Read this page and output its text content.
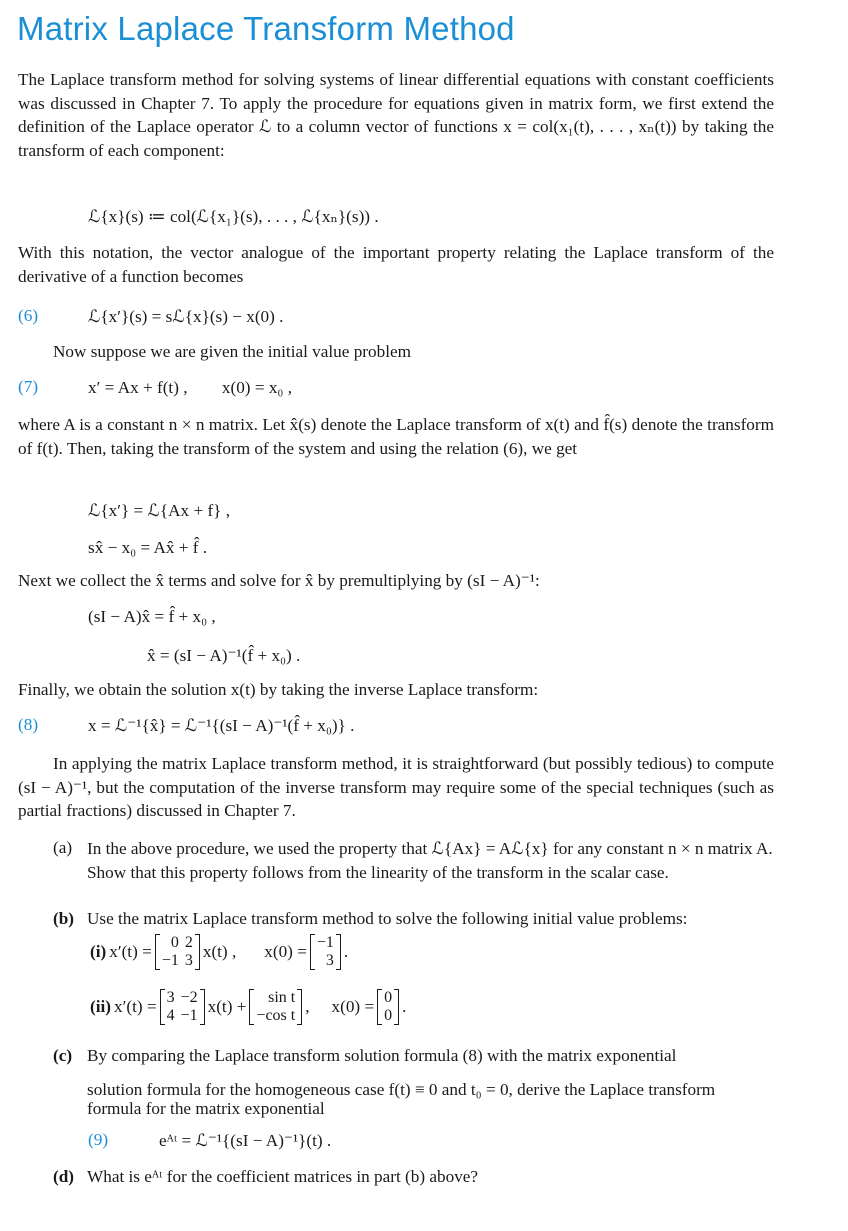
Matrix Laplace Transform Method
The Laplace transform method for solving systems of linear differential equations with constant coefficients was discussed in Chapter 7. To apply the procedure for equations given in matrix form, we first extend the definition of the Laplace operator ℒ to a column vector of functions x = col(x₁(t), . . . , xₙ(t)) by taking the transform of each component:
ℒ{x}(s) ≔ col(ℒ{x₁}(s), . . . , ℒ{xₙ}(s)) .
With this notation, the vector analogue of the important property relating the Laplace transform of the derivative of a function becomes
(6)	ℒ{x′}(s) = sℒ{x}(s) − x(0) .
Now suppose we are given the initial value problem
(7)	x′ = Ax + f(t) ,        x(0) = x₀ ,
where A is a constant n × n matrix. Let x̂(s) denote the Laplace transform of x(t) and f̂(s) denote the transform of f(t). Then, taking the transform of the system and using the relation (6), we get
ℒ{x′} = ℒ{Ax + f} ,
sx̂ − x₀ = Ax̂ + f̂ .
Next we collect the x̂ terms and solve for x̂ by premultiplying by (sI − A)⁻¹:
(sI − A)x̂ = f̂ + x₀ ,
x̂ = (sI − A)⁻¹(f̂ + x₀) .
Finally, we obtain the solution x(t) by taking the inverse Laplace transform:
(8)	x = ℒ⁻¹{x̂} = ℒ⁻¹{(sI − A)⁻¹(f̂ + x₀)} .
In applying the matrix Laplace transform method, it is straightforward (but possibly tedious) to compute (sI − A)⁻¹, but the computation of the inverse transform may require some of the special techniques (such as partial fractions) discussed in Chapter 7.
(a) In the above procedure, we used the property that ℒ{Ax} = Aℒ{x} for any constant n × n matrix A. Show that this property follows from the linearity of the transform in the scalar case.
(b) Use the matrix Laplace transform method to solve the following initial value problems:
(i) x′(t) = 0	2
−1	3 x(t) , x(0) = −1
3 .
(ii) x′(t) = 3	−2
4	−1 x(t) + sin t
−cos t , x(0) = 0
0 .
(c) By comparing the Laplace transform solution formula (8) with the matrix exponential
solution formula for the homogeneous case f(t) ≡ 0 and t₀ = 0, derive the Laplace transform formula for the matrix exponential
(9)	eᴬᵗ = ℒ⁻¹{(sI − A)⁻¹}(t) .
(d) What is eᴬᵗ for the coefficient matrices in part (b) above?
